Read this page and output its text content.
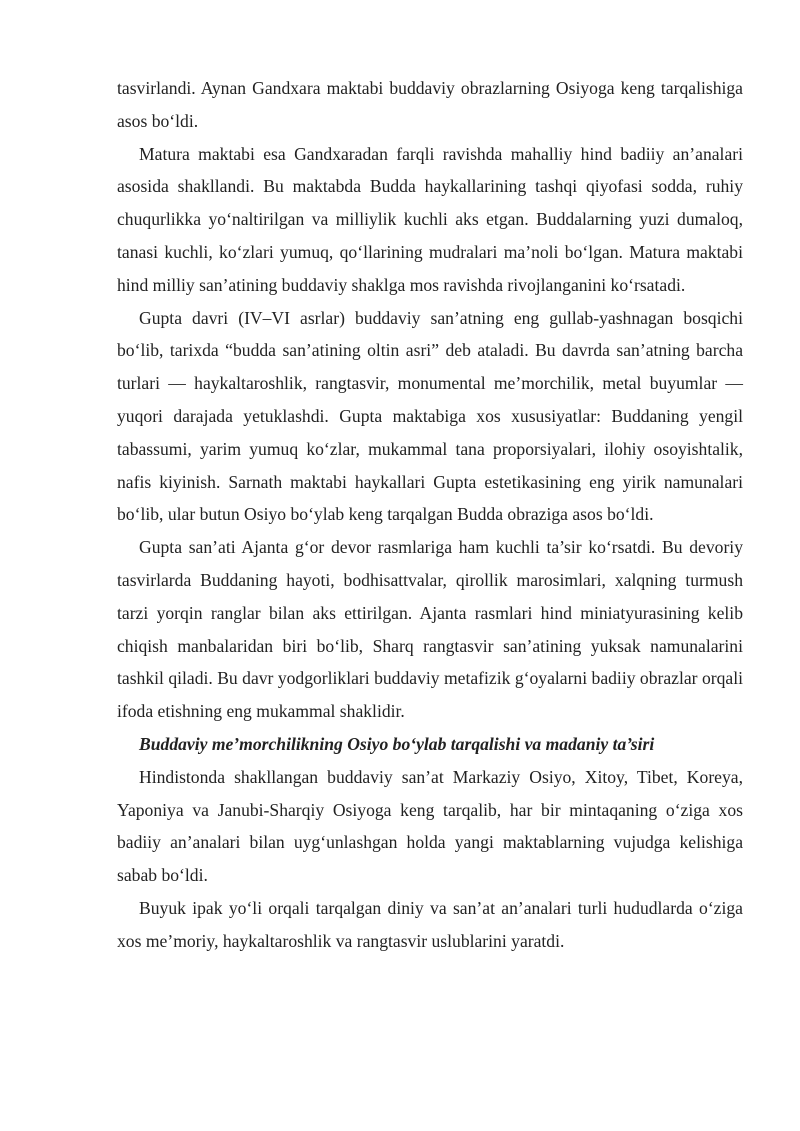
tasvirlandi. Aynan Gandxara maktabi buddaviy obrazlarning Osiyoga keng tarqalishiga asos bo‘ldi.

Matura maktabi esa Gandxaradan farqli ravishda mahalliy hind badiiy an’analari asosida shakllandi. Bu maktabda Budda haykallarining tashqi qiyofasi sodda, ruhiy chuqurlikka yo‘naltirilgan va milliylik kuchli aks etgan. Buddalarning yuzi dumaloq, tanasi kuchli, ko‘zlari yumuq, qo‘llarining mudralari ma’noli bo‘lgan. Matura maktabi hind milliy san’atining buddaviy shaklga mos ravishda rivojlanganini ko‘rsatadi.

Gupta davri (IV–VI asrlar) buddaviy san’atning eng gullab-yashnagan bosqichi bo‘lib, tarixda “budda san’atining oltin asri” deb ataladi. Bu davrda san’atning barcha turlari — haykaltaroshlik, rangtasvir, monumental me’morchilik, metal buyumlar — yuqori darajada yetuklashdi. Gupta maktabiga xos xususiyatlar: Buddaning yengil tabassumi, yarim yumuq ko‘zlar, mukammal tana proporsiyalari, ilohiy osoyishtalik, nafis kiyinish. Sarnath maktabi haykallari Gupta estetikasining eng yirik namunalari bo‘lib, ular butun Osiyo bo‘ylab keng tarqalgan Budda obraziga asos bo‘ldi.

Gupta san’ati Ajanta g‘or devor rasmlariga ham kuchli ta’sir ko‘rsatdi. Bu devoriy tasvirlarda Buddaning hayoti, bodhisattvalar, qirollik marosimlari, xalqning turmush tarzi yorqin ranglar bilan aks ettirilgan. Ajanta rasmlari hind miniatyurasining kelib chiqish manbalaridan biri bo‘lib, Sharq rangtasvir san’atining yuksak namunalarini tashkil qiladi. Bu davr yodgorliklari buddaviy metafizik g‘oyalarni badiiy obrazlar orqali ifoda etishning eng mukammal shaklidir.

Buddaviy me’morchilikning Osiyo bo‘ylab tarqalishi va madaniy ta’siri

Hindistonda shakllangan buddaviy san’at Markaziy Osiyo, Xitoy, Tibet, Koreya, Yaponiya va Janubi-Sharqiy Osiyoga keng tarqalib, har bir mintaqaning o‘ziga xos badiiy an’analari bilan uyg‘unlashgan holda yangi maktablarning vujudga kelishiga sabab bo‘ldi.

Buyuk ipak yo‘li orqali tarqalgan diniy va san’at an’analari turli hududlarda o‘ziga xos me’moriy, haykaltaroshlik va rangtasvir uslublarini yaratdi.
